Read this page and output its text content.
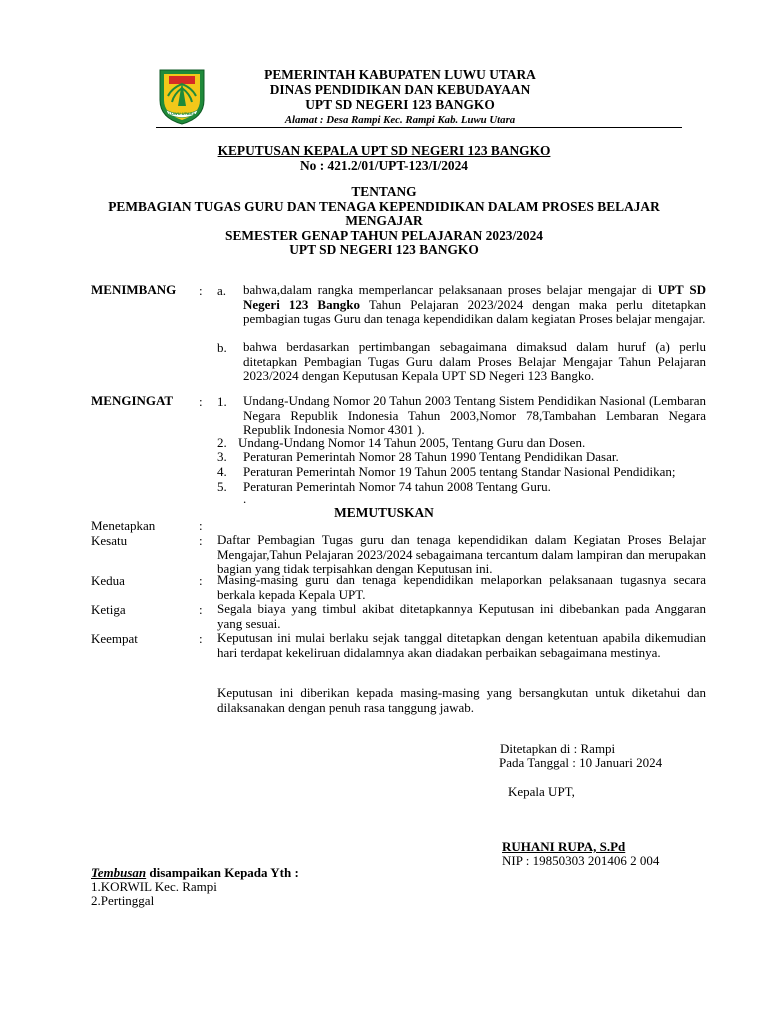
LUWU UTARA
PEMERINTAH KABUPATEN LUWU UTARA
DINAS PENDIDIKAN DAN KEBUDAYAAN
UPT SD NEGERI 123 BANGKO
Alamat : Desa Rampi Kec. Rampi Kab. Luwu Utara
KEPUTUSAN KEPALA UPT SD NEGERI 123 BANGKO
No : 421.2/01/UPT-123/I/2024
TENTANG
PEMBAGIAN TUGAS GURU DAN TENAGA KEPENDIDIKAN DALAM PROSES BELAJAR
MENGAJAR
SEMESTER GENAP TAHUN PELAJARAN 2023/2024
UPT SD NEGERI 123 BANGKO
MENIMBANG : a. bahwa,dalam rangka memperlancar pelaksanaan proses belajar mengajar di UPT SD Negeri 123 Bangko Tahun Pelajaran 2023/2024 dengan maka perlu ditetapkan pembagian tugas Guru dan tenaga kependidikan dalam kegiatan Proses belajar mengajar.
b. bahwa berdasarkan pertimbangan sebagaimana dimaksud dalam huruf (a) perlu ditetapkan Pembagian Tugas Guru dalam Proses Belajar Mengajar Tahun Pelajaran 2023/2024 dengan Keputusan Kepala UPT SD Negeri 123 Bangko.
MENGINGAT : 1. Undang-Undang Nomor 20 Tahun 2003 Tentang Sistem Pendidikan Nasional (Lembaran Negara Republik Indonesia Tahun 2003,Nomor 78,Tambahan Lembaran Negara Republik Indonesia Nomor 4301 ).
2. Undang-Undang Nomor 14 Tahun 2005, Tentang Guru dan Dosen.
3. Peraturan Pemerintah Nomor 28 Tahun 1990 Tentang Pendidikan Dasar.
4. Peraturan Pemerintah Nomor 19 Tahun 2005 tentang Standar Nasional Pendidikan;
5. Peraturan Pemerintah Nomor 74 tahun 2008 Tentang Guru.
.
MEMUTUSKAN
Menetapkan	:
Kesatu	: Daftar Pembagian Tugas guru dan tenaga kependidikan dalam Kegiatan Proses Belajar Mengajar,Tahun Pelajaran 2023/2024 sebagaimana tercantum dalam lampiran dan merupakan bagian yang tidak terpisahkan dengan Keputusan ini.
Kedua	: Masing-masing guru dan tenaga kependidikan melaporkan pelaksanaan tugasnya secara berkala kepada Kepala UPT.
Ketiga	: Segala biaya yang timbul akibat ditetapkannya Keputusan ini dibebankan pada Anggaran yang sesuai.
Keempat	: Keputusan ini mulai berlaku sejak tanggal ditetapkan dengan ketentuan apabila dikemudian hari terdapat kekeliruan didalamnya akan diadakan perbaikan sebagaimana mestinya.
Keputusan ini diberikan kepada masing-masing yang bersangkutan untuk diketahui dan dilaksanakan dengan penuh rasa tanggung jawab.
Ditetapkan di : Rampi
Pada Tanggal : 10 Januari 2024
Kepala UPT,
RUHANI RUPA, S.Pd
NIP : 19850303 201406 2 004
Tembusan disampaikan Kepada Yth :
1.KORWIL Kec. Rampi
2.Pertinggal
